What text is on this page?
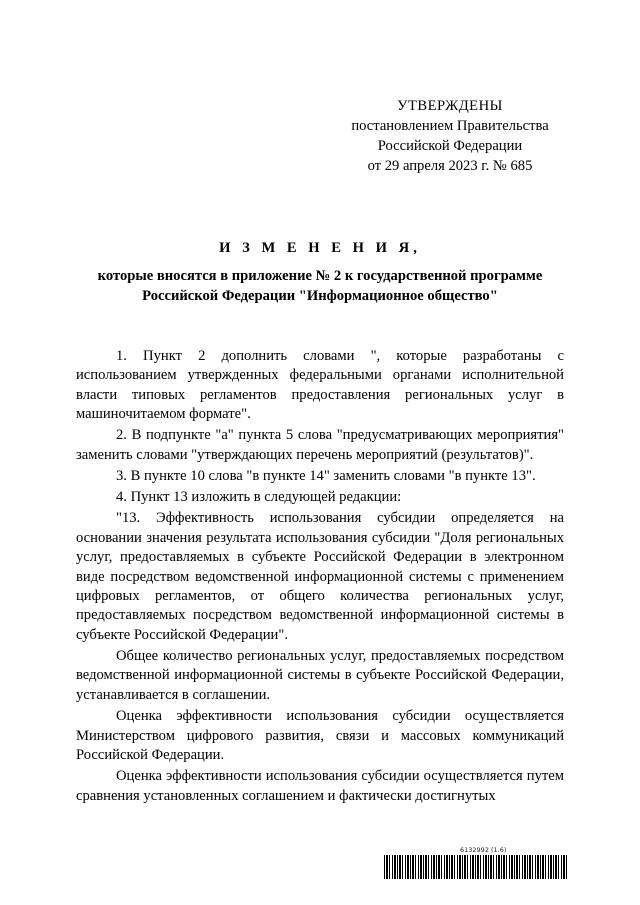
УТВЕРЖДЕНЫ
постановлением Правительства
Российской Федерации
от 29 апреля 2023 г. № 685
И З М Е Н Е Н И Я,
которые вносятся в приложение № 2 к государственной программе
Российской Федерации "Информационное общество"

1. Пункт 2 дополнить словами ", которые разработаны с использованием утвержденных федеральными органами исполнительной власти типовых регламентов предоставления региональных услуг в машиночитаемом формате".

2. В подпункте "а" пункта 5 слова "предусматривающих мероприятия" заменить словами "утверждающих перечень мероприятий (результатов)".

3. В пункте 10 слова "в пункте 14" заменить словами "в пункте 13".

4. Пункт 13 изложить в следующей редакции:

"13. Эффективность использования субсидии определяется на основании значения результата использования субсидии "Доля региональных услуг, предоставляемых в субъекте Российской Федерации в электронном виде посредством ведомственной информационной системы с применением цифровых регламентов, от общего количества региональных услуг, предоставляемых посредством ведомственной информационной системы в субъекте Российской Федерации".

Общее количество региональных услуг, предоставляемых посредством ведомственной информационной системы в субъекте Российской Федерации, устанавливается в соглашении.

Оценка эффективности использования субсидии осуществляется Министерством цифрового развития, связи и массовых коммуникаций Российской Федерации.

Оценка эффективности использования субсидии осуществляется путем сравнения установленных соглашением и фактически достигнутых

6132992 (1.6)
